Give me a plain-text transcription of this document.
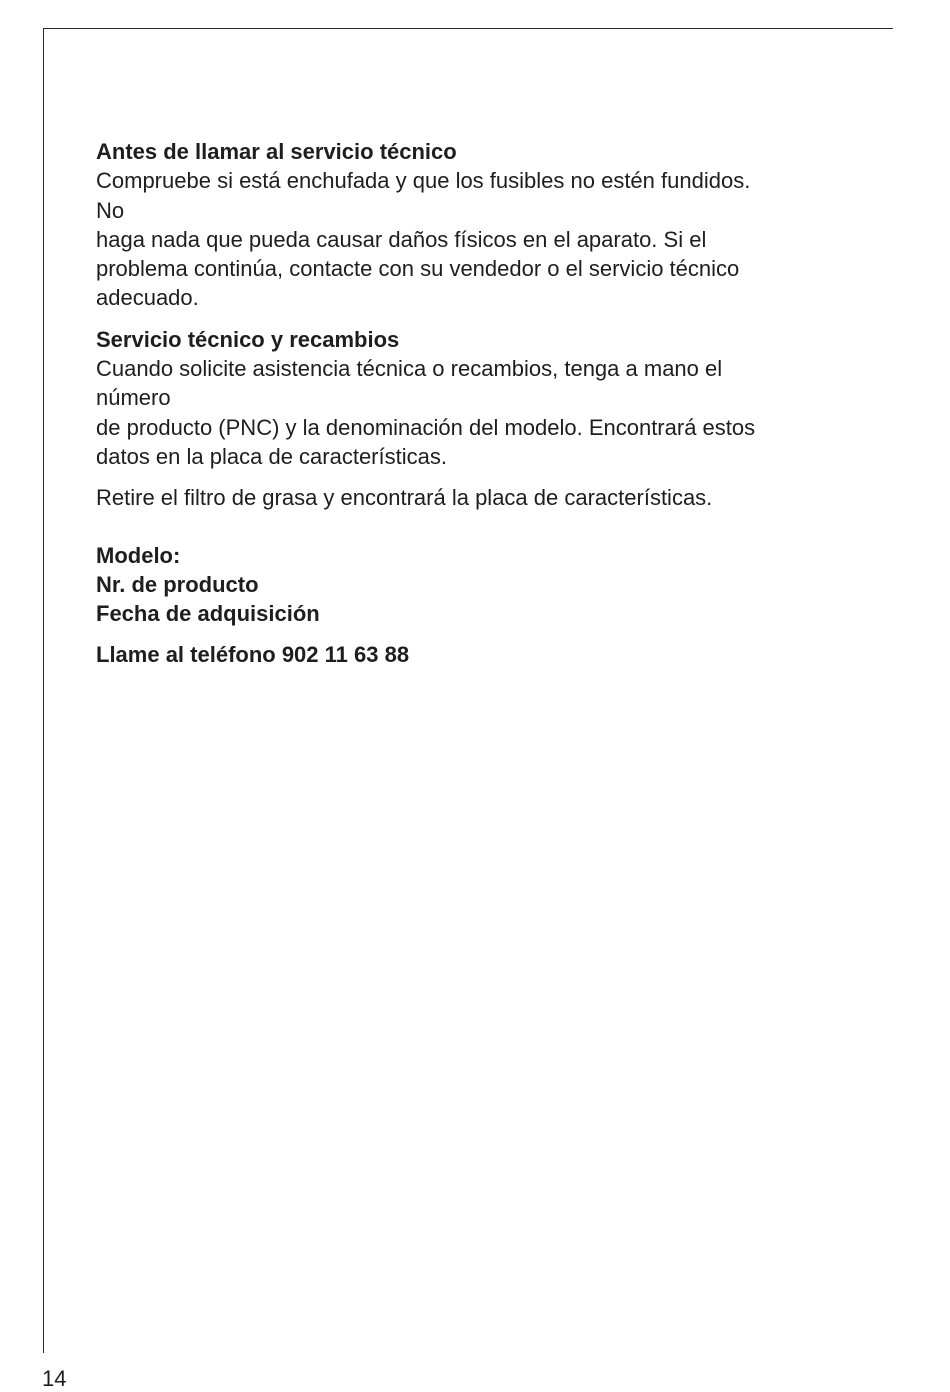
Antes de llamar al servicio técnico
Compruebe si está enchufada y que los fusibles no estén fundidos.
No
haga nada que pueda causar daños físicos en el aparato. Si el
problema continúa, contacte con su vendedor o el servicio técnico
adecuado.
Servicio técnico y recambios
Cuando solicite asistencia técnica o recambios, tenga a mano el
número
de producto (PNC) y la denominación del modelo. Encontrará estos
datos en la placa de características.
Retire el filtro de grasa y encontrará la placa de características.
Modelo:
Nr. de producto
Fecha de adquisición
Llame al teléfono 902 11 63 88
14
